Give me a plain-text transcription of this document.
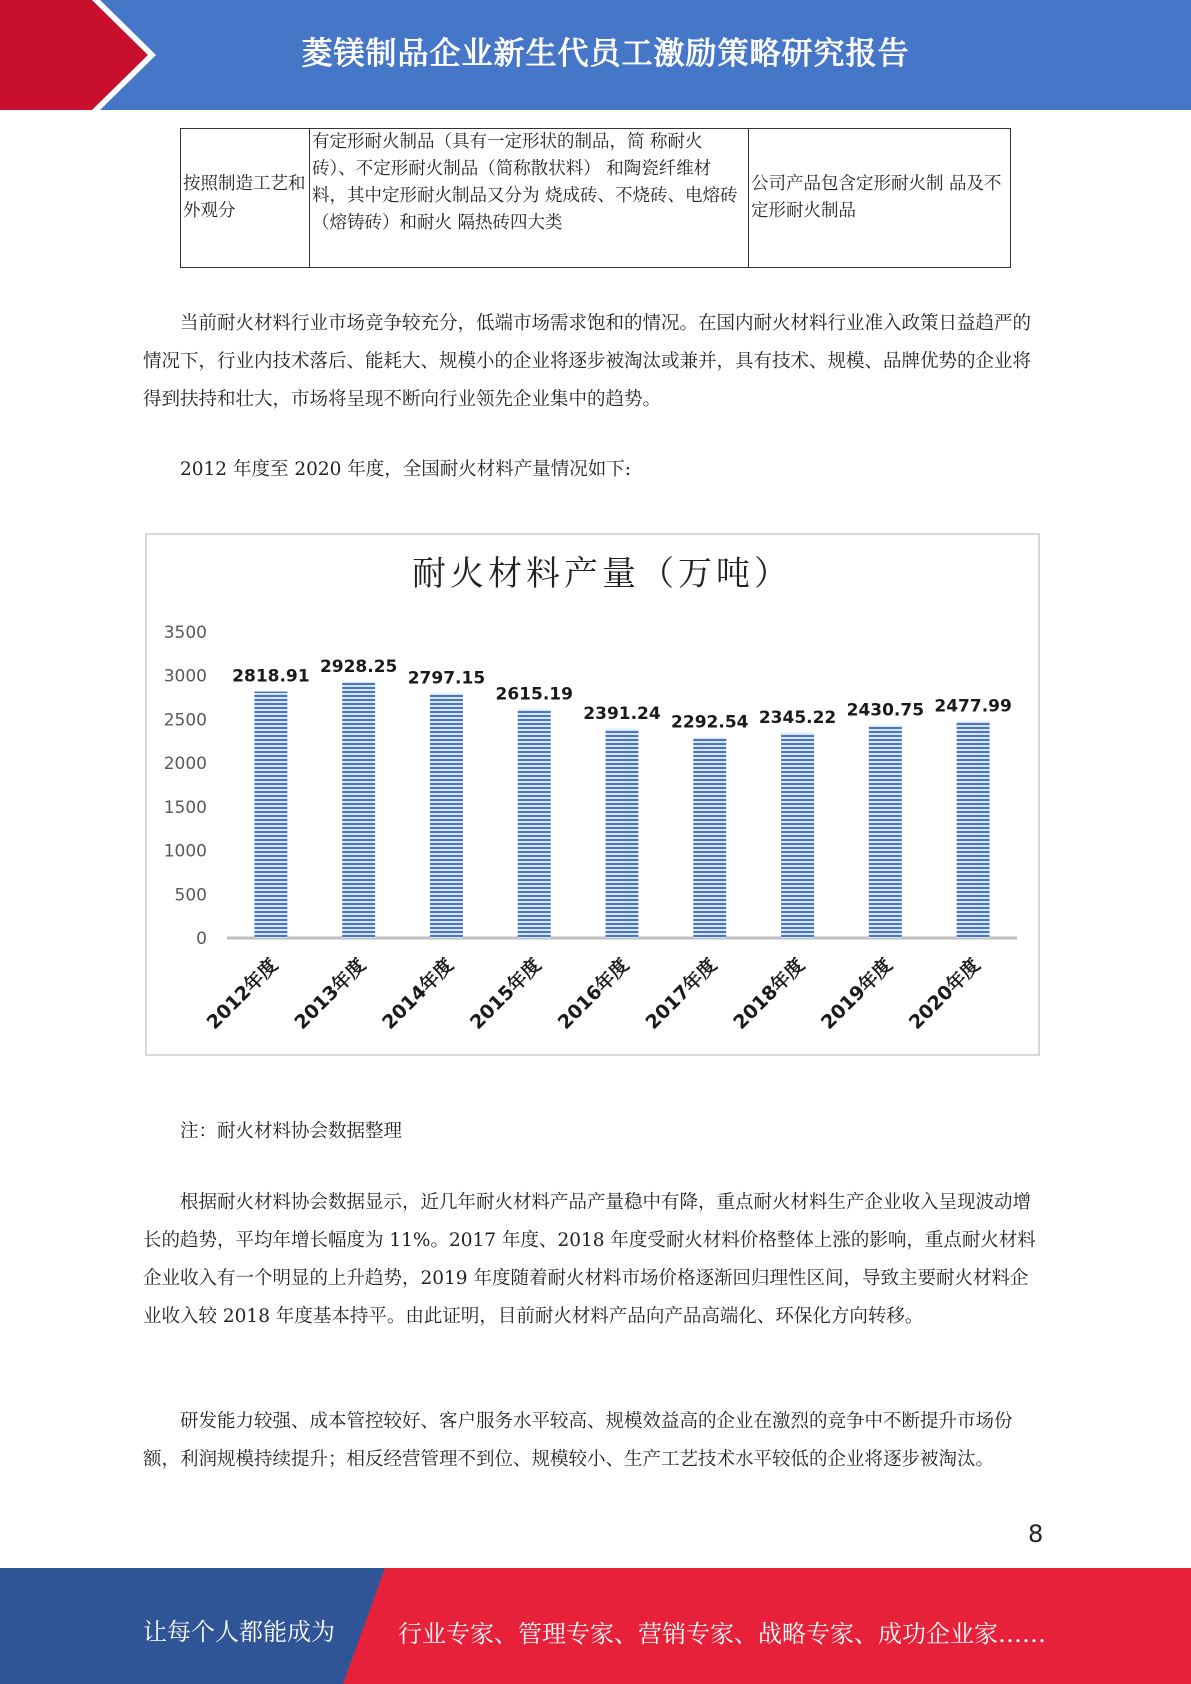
菱镁制品企业新生代员工激励策略研究报告
按照制造工艺和外观分	有定形耐火制品（具有一定形状的制品，简 称耐火砖）、不定形耐火制品（简称散状料） 和陶瓷纤维材料，其中定形耐火制品又分为 烧成砖、不烧砖、电熔砖（熔铸砖）和耐火 隔热砖四大类	公司产品包含定形耐火制 品及不定形耐火制品

当前耐火材料行业市场竞争较充分，低端市场需求饱和的情况。在国内耐火材料行业准入政策日益趋严的情况下，行业内技术落后、能耗大、规模小的企业将逐步被淘汰或兼并，具有技术、规模、品牌优势的企业将得到扶持和壮大，市场将呈现不断向行业领先企业集中的趋势。

2012 年度至 2020 年度，全国耐火材料产量情况如下:

耐火材料产量（万吨）
0
500
1000
1500
2000
2500
3000
3500
2818.91 2928.25
2797.15
2615.19
2391.24 2292.54 2345.22 2430.75 2477.99
2012年度 2013年度 2014年度 2015年度 2016年度 2017年度 2018年度 2019年度 2020年度

注：耐火材料协会数据整理

根据耐火材料协会数据显示，近几年耐火材料产品产量稳中有降，重点耐火材料生产企业收入呈现波动增长的趋势，平均年增长幅度为 11%。2017 年度、2018 年度受耐火材料价格整体上涨的影响，重点耐火材料企业收入有一个明显的上升趋势，2019 年度随着耐火材料市场价格逐渐回归理性区间，导致主要耐火材料企业收入较 2018 年度基本持平。由此证明，目前耐火材料产品向产品高端化、环保化方向转移。

研发能力较强、成本管控较好、客户服务水平较高、规模效益高的企业在激烈的竞争中不断提升市场份额，利润规模持续提升；相反经营管理不到位、规模较小、生产工艺技术水平较低的企业将逐步被淘汰。

8
让每个人都能成为	行业专家、管理专家、营销专家、战略专家、成功企业家……
